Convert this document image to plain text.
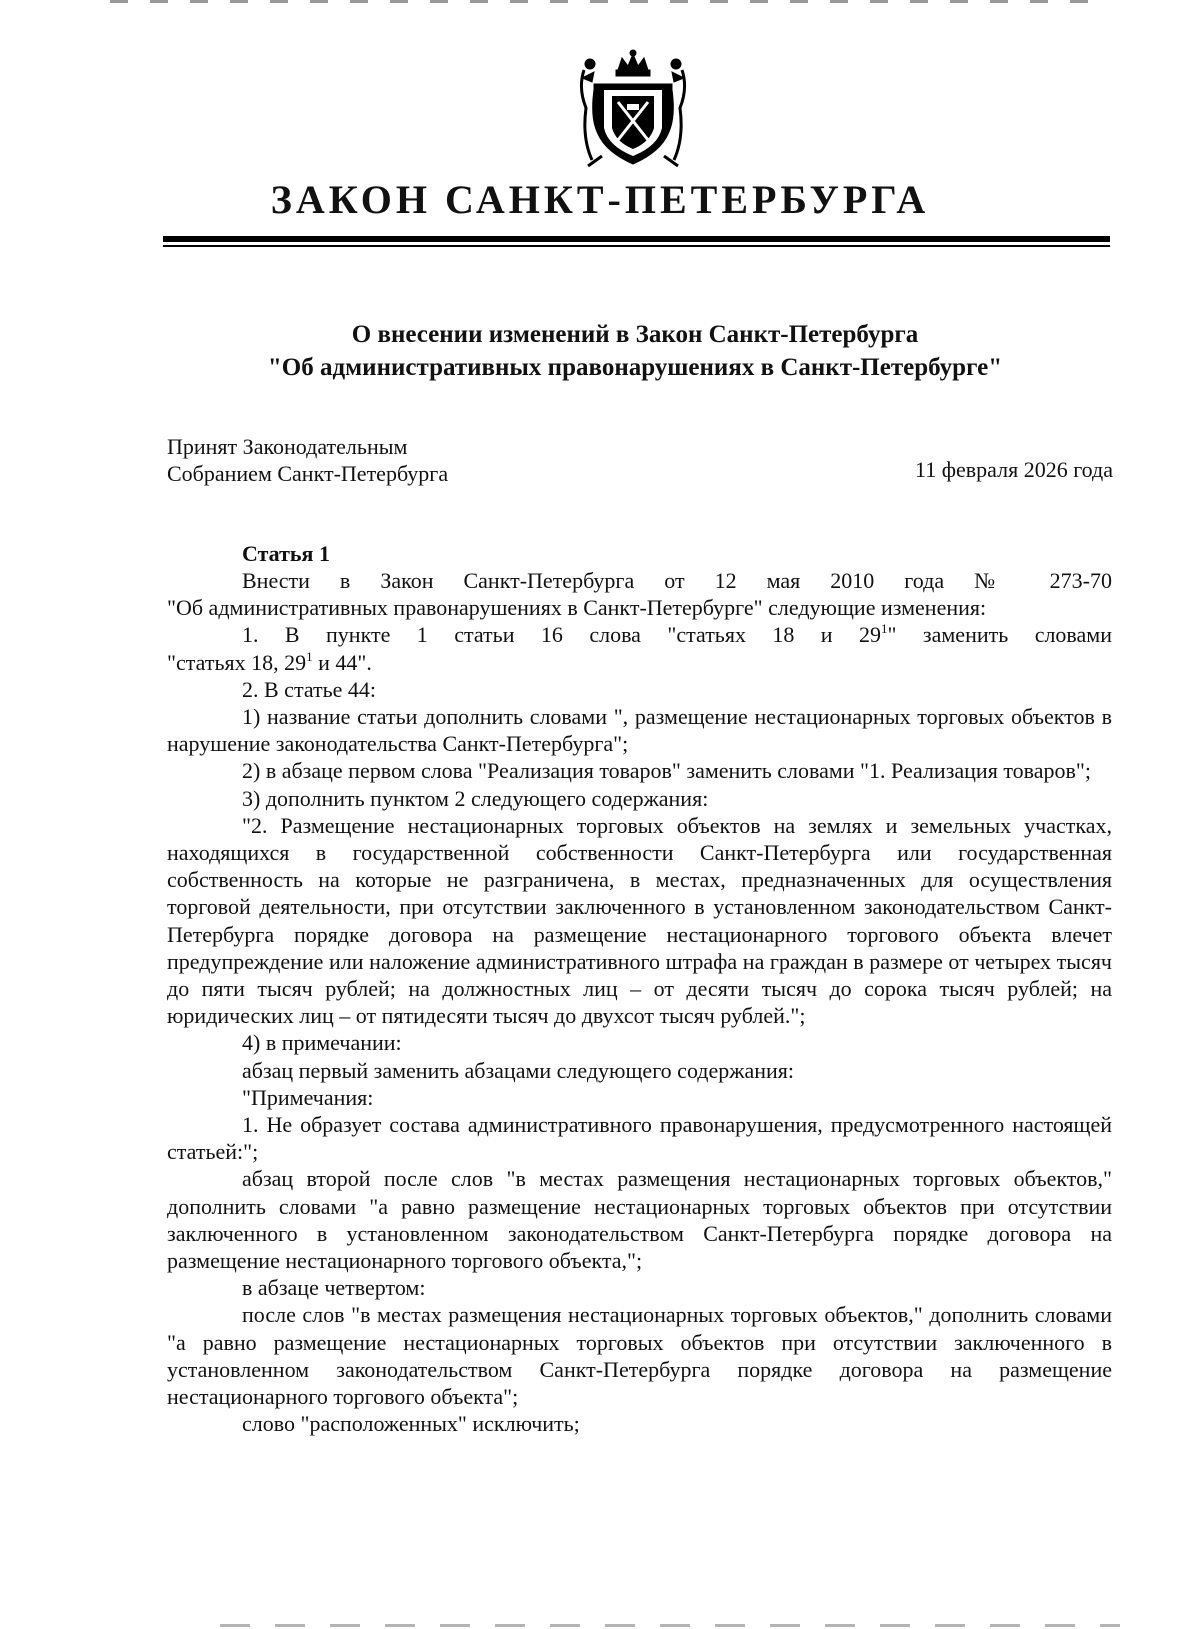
ЗАКОН САНКТ-ПЕТЕРБУРГА
О внесении изменений в Закон Санкт-Петербурга
"Об административных правонарушениях в Санкт-Петербурге"
Принят Законодательным
Собранием Санкт-Петербурга	11 февраля 2026 года

Статья 1

Внести в Закон Санкт-Петербурга от 12 мая 2010 года № 273-70

"Об административных правонарушениях в Санкт-Петербурге" следующие изменения:

1. В пункте 1 статьи 16 слова "статьях 18 и $29^1$" заменить словами

"статьях 18, $29^1$ и 44".

2. В статье 44:

1) название статьи дополнить словами ", размещение нестационарных торговых объектов в нарушение законодательства Санкт-Петербурга";

2) в абзаце первом слова "Реализация товаров" заменить словами "1. Реализация товаров";

3) дополнить пунктом 2 следующего содержания:

"2. Размещение нестационарных торговых объектов на землях и земельных участках, находящихся в государственной собственности Санкт-Петербурга или государственная собственность на которые не разграничена, в местах, предназначенных для осуществления торговой деятельности, при отсутствии заключенного в установленном законодательством Санкт-Петербурга порядке договора на размещение нестационарного торгового объекта влечет предупреждение или наложение административного штрафа на граждан в размере от четырех тысяч до пяти тысяч рублей; на должностных лиц – от десяти тысяч до сорока тысяч рублей; на юридических лиц – от пятидесяти тысяч до двухсот тысяч рублей.";

4) в примечании:

абзац первый заменить абзацами следующего содержания:

"Примечания:

1. Не образует состава административного правонарушения, предусмотренного настоящей статьей:";

абзац второй после слов "в местах размещения нестационарных торговых объектов," дополнить словами "а равно размещение нестационарных торговых объектов при отсутствии заключенного в установленном законодательством Санкт-Петербурга порядке договора на размещение нестационарного торгового объекта,";

в абзаце четвертом:

после слов "в местах размещения нестационарных торговых объектов," дополнить словами "а равно размещение нестационарных торговых объектов при отсутствии заключенного в установленном законодательством Санкт-Петербурга порядке договора на размещение нестационарного торгового объекта";

слово "расположенных" исключить;
